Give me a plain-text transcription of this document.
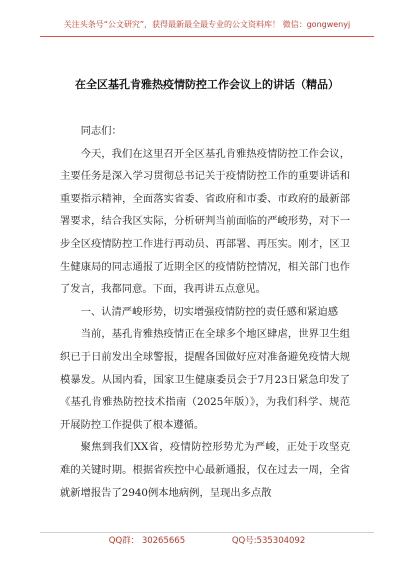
关注头条号“公文研究”，获得最新最全最专业的公文资料库！ 微信：gongwenyj
在全区基孔肯雅热疫情防控工作会议上的讲话（精品）

同志们：

今天，我们在这里召开全区基孔肯雅热疫情防控工作会议，主要任务是深入学习贯彻总书记关于疫情防控工作的重要讲话和重要指示精神，全面落实省委、省政府和市委、市政府的最新部署要求，结合我区实际，分析研判当前面临的严峻形势，对下一步全区疫情防控工作进行再动员、再部署、再压实。刚才，区卫生健康局的同志通报了近期全区的疫情防控情况，相关部门也作了发言，我都同意。下面，我再讲五点意见。

一、认清严峻形势，切实增强疫情防控的责任感和紧迫感

当前，基孔肯雅热疫情正在全球多个地区肆虐，世界卫生组织已于日前发出全球警报，提醒各国做好应对准备避免疫情大规模暴发。从国内看，国家卫生健康委员会于7月23日紧急印发了《基孔肯雅热防控技术指南（2025年版）》，为我们科学、规范开展防控工作提供了根本遵循。

聚焦到我们XX省，疫情防控形势尤为严峻，正处于攻坚克难的关键时期。根据省疾控中心最新通报，仅在过去一周，全省就新增报告了2940例本地病例，呈现出多点散

QQ群： 30265665	QQ号:535304092
